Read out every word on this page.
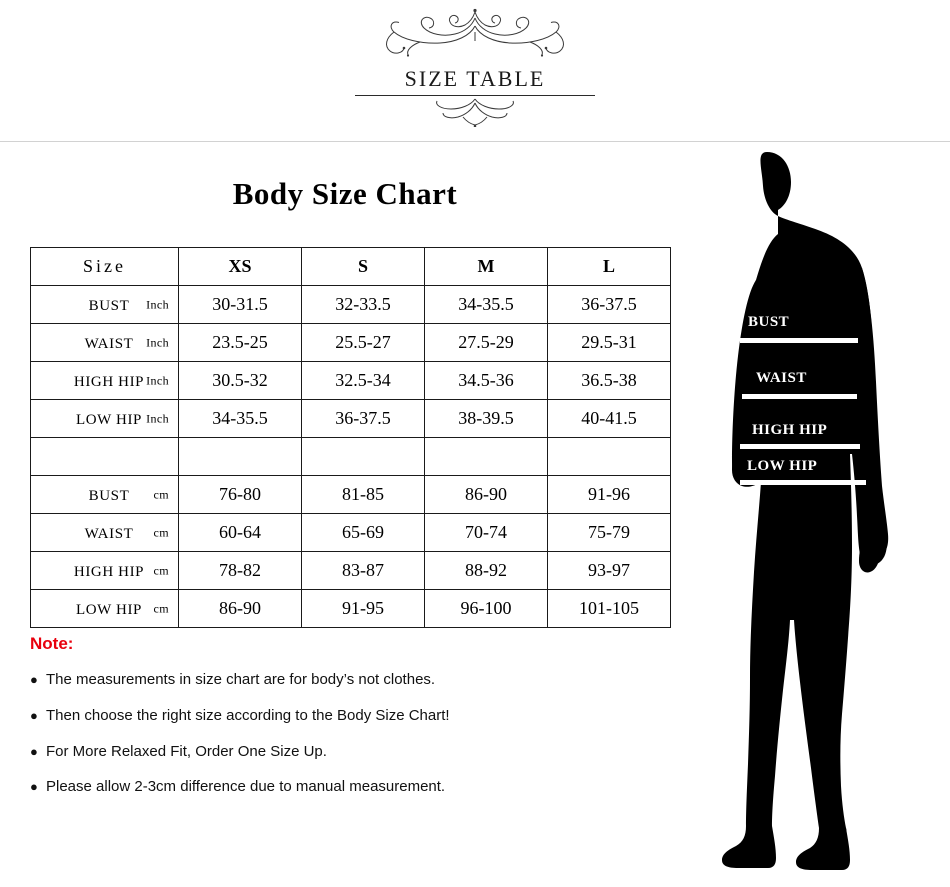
SIZE TABLE
Body Size Chart
Size	XS	S	M	L
BUST Inch	30-31.5	32-33.5	34-35.5	36-37.5
WAIST Inch	23.5-25	25.5-27	27.5-29	29.5-31
HIGH HIP Inch	30.5-32	32.5-34	34.5-36	36.5-38
LOW HIP Inch	34-35.5	36-37.5	38-39.5	40-41.5

BUST cm	76-80	81-85	86-90	91-96
WAIST cm	60-64	65-69	70-74	75-79
HIGH HIP cm	78-82	83-87	88-92	93-97
LOW HIP cm	86-90	91-95	96-100	101-105
Note:
● The measurements in size chart are for body’s not clothes.
● Then choose the right size according to the Body Size Chart!
● For More Relaxed Fit, Order One Size Up.
● Please allow 2-3cm difference due to manual measurement.
BUST
WAIST
HIGH HIP
LOW HIP
